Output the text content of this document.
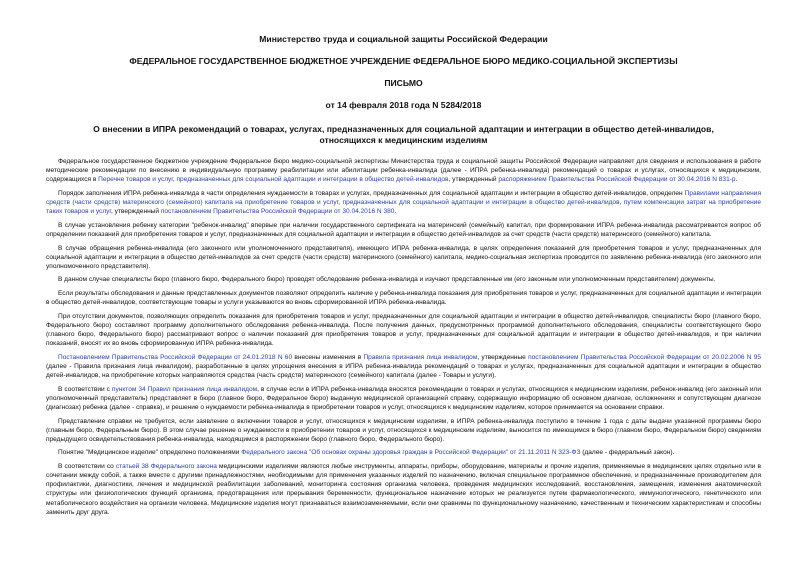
Министерство труда и социальной защиты Российской Федерации
ФЕДЕРАЛЬНОЕ ГОСУДАРСТВЕННОЕ БЮДЖЕТНОЕ УЧРЕЖДЕНИЕ ФЕДЕРАЛЬНОЕ БЮРО МЕДИКО-СОЦИАЛЬНОЙ ЭКСПЕРТИЗЫ
ПИСЬМО
от 14 февраля 2018 года N 5284/2018
О внесении в ИПРА рекомендаций о товарах, услугах, предназначенных для социальной адаптации и интеграции в общество детей-инвалидов, относящихся к медицинским изделиям

Федеральное государственное бюджетное учреждение Федеральное бюро медико-социальной экспертизы Министерства труда и социальной защиты Российской Федерации направляет для сведения и использования в работе методические рекомендации по внесению в индивидуальную программу реабилитации или абилитации ребенка-инвалида (далее - ИПРА ребенка-инвалида) рекомендаций о товарах и услугах, относящихся к медицинским, содержащихся в Перечне товаров и услуг, предназначенных для социальной адаптации и интеграции в общество детей-инвалидов, утвержденный распоряжением Правительства Российской Федерации от 30.04.2016 N 831-р.

Порядок заполнения ИПРА ребенка-инвалида в части определения нуждаемости в товарах и услугах, предназначенных для социальной адаптации и интеграции в общество детей-инвалидов, определен Правилами направления средств (части средств) материнского (семейного) капитала на приобретение товаров и услуг, предназначенных для социальной адаптации и интеграции в общество детей-инвалидов, путем компенсации затрат на приобретение таких товаров и услуг, утвержденный постановлением Правительства Российской Федерации от 30.04.2016 N 380.

В случае установления ребенку категории "ребенок-инвалид" впервые при наличии государственного сертификата на материнский (семейный) капитал, при формировании ИПРА ребенка-инвалида рассматривается вопрос об определении показаний для приобретения товаров и услуг, предназначенных для социальной адаптации и интеграции в общество детей-инвалидов за счет средств (части средств) материнского (семейного) капитала.

В случае обращения ребенка-инвалида (его законного или уполномоченного представителя), имеющего ИПРА ребенка-инвалида, в целях определения показаний для приобретения товаров и услуг, предназначенных для социальной адаптации и интеграции в общество детей-инвалидов за счет средств (части средств) материнского (семейного) капитала, медико-социальная экспертиза проводится по заявлению ребенка-инвалида (его законного или уполномоченного представителя).

В данном случае специалисты бюро (главного бюро, Федерального бюро) проводят обследование ребенка-инвалида и изучают представленные им (его законным или уполномоченным представителем) документы.

Если результаты обследования и данные представленных документов позволяют определить наличие у ребенка-инвалида показания для приобретения товаров и услуг, предназначенных для социальной адаптации и интеграции в общество детей-инвалидов, соответствующие товары и услуги указываются во вновь сформированной ИПРА ребенка-инвалида.

При отсутствии документов, позволяющих определить показания для приобретения товаров и услуг, предназначенных для социальной адаптации и интеграции в общество детей-инвалидов, специалисты бюро (главного бюро, Федерального бюро) составляют программу дополнительного обследования ребенка-инвалида. После получения данных, предусмотренных программой дополнительного обследования, специалисты соответствующего бюро (главного бюро, Федерального бюро) рассматривают вопрос о наличии показаний для приобретения товаров и услуг, предназначенных для социальной адаптации и интеграции в общество детей-инвалидов, и при наличии показаний, вносят их во вновь сформированную ИПРА ребенка-инвалида.

Постановлением Правительства Российской Федерации от 24.01.2018 N 60 внесены изменения в Правила признания лица инвалидом, утвержденные постановлением Правительства Российской Федерации от 20.02.2006 N 95 (далее - Правила признания лица инвалидом), разработанные в целях упрощения внесения в ИПРА ребенка-инвалида рекомендаций о товарах и услугах, предназначенных для социальной адаптации и интеграции в общество детей-инвалидов, на приобретение которых направляются средства (часть средств) материнского (семейного) капитала (далее - Товары и услуги).

В соответствии с пунктом 34 Правил признания лица инвалидом, в случае если в ИПРА ребенка-инвалида вносятся рекомендации о товарах и услугах, относящихся к медицинским изделиям, ребенок-инвалид (его законный или уполномоченный представитель) представляет в бюро (главное бюро, Федеральное бюро) выданную медицинской организацией справку, содержащую информацию об основном диагнозе, осложнениях и сопутствующем диагнозе (диагнозах) ребенка (далее - справка), и решение о нуждаемости ребенка-инвалида в приобретении товаров и услуг, относящихся к медицинским изделиям, которое принимается на основании справки.

Представление справки не требуется, если заявление о включении товаров и услуг, относящихся к медицинским изделиям, в ИПРА ребенка-инвалида поступило в течение 1 года с даты выдачи указанной программы бюро (главным бюро, Федеральным бюро). В этом случае решение о нуждаемости в приобретении товаров и услуг, относящихся к медицинским изделиям, выносится по имеющимся в бюро (главном бюро, Федеральном бюро) сведениям предыдущего освидетельствования ребенка-инвалида, находящимся в распоряжении бюро (главного бюро, Федерального бюро).

Понятие "Медицинское изделие" определено положениями Федерального закона "Об основах охраны здоровья граждан в Российской Федерации" от 21.11.2011 N 323-ФЗ (далее - федеральный закон).

В соответствии со статьей 38 Федерального закона медицинскими изделиями являются любые инструменты, аппараты, приборы, оборудование, материалы и прочие изделия, применяемые в медицинских целях отдельно или в сочетании между собой, а также вместе с другими принадлежностями, необходимыми для применения указанных изделий по назначению, включая специальное программное обеспечение, и предназначенные производителем для профилактики, диагностики, лечения и медицинской реабилитации заболеваний, мониторинга состояния организма человека, проведения медицинских исследований, восстановления, замещения, изменения анатомической структуры или физиологических функций организма, предотвращения или прерывания беременности, функциональное назначение которых не реализуется путем фармакологического, иммунологического, генетического или метаболического воздействия на организм человека. Медицинские изделия могут признаваться взаимозаменяемыми, если они сравнимы по функциональному назначению, качественным и техническим характеристикам и способны заменить друг друга.
